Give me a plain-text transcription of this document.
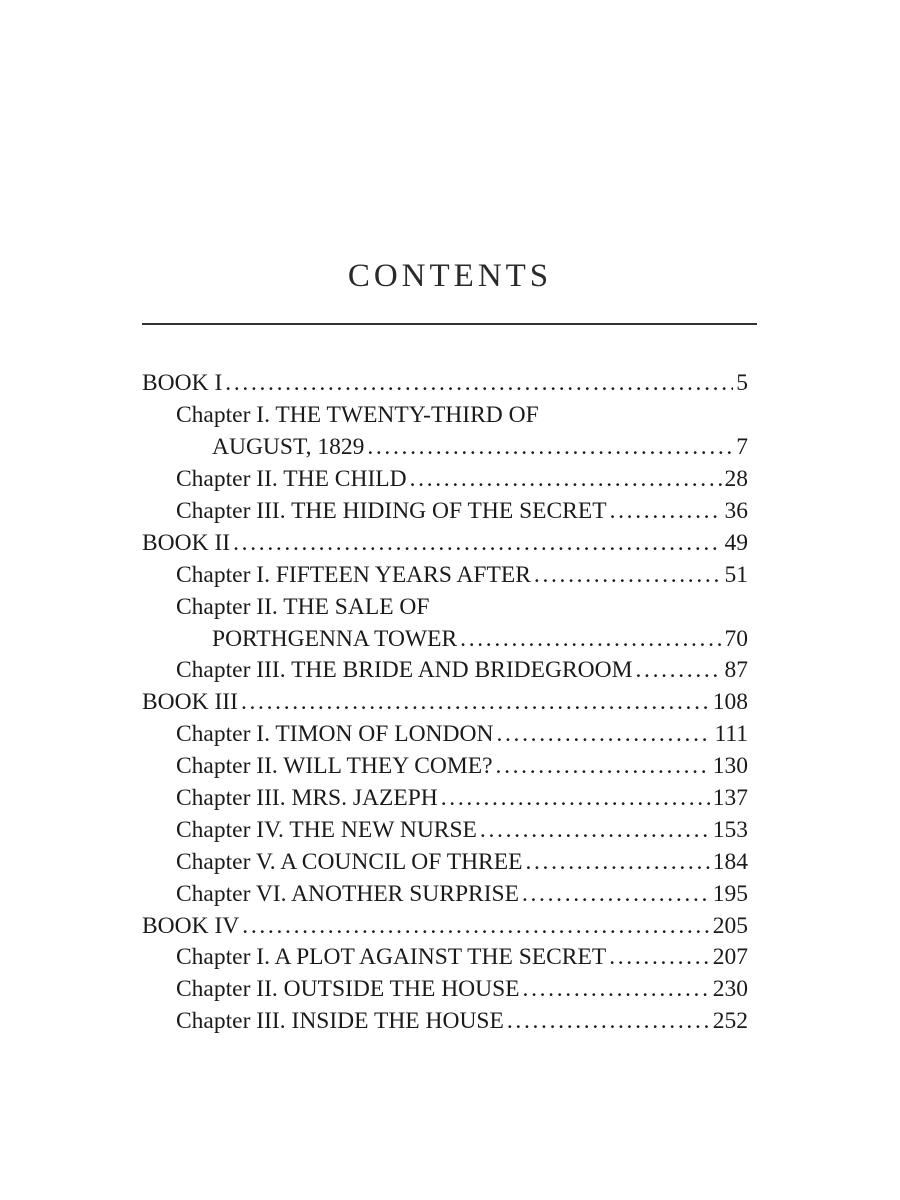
CONTENTS
BOOK I . . .	5
Chapter I. THE TWENTY-THIRD OF
AUGUST, 1829 . . .	7
Chapter II. THE CHILD . . .	28
Chapter III. THE HIDING OF THE SECRET . . .	36
BOOK II . . .	49
Chapter I. FIFTEEN YEARS AFTER . . .	51
Chapter II. THE SALE OF
PORTHGENNA TOWER . . .	70
Chapter III. THE BRIDE AND BRIDEGROOM . . .	87
BOOK III . . .	108
Chapter I. TIMON OF LONDON . . .	111
Chapter II. WILL THEY COME? . . .	130
Chapter III. MRS. JAZEPH . . .	137
Chapter IV. THE NEW NURSE . . .	153
Chapter V. A COUNCIL OF THREE . . .	184
Chapter VI. ANOTHER SURPRISE . . .	195
BOOK IV . . .	205
Chapter I. A PLOT AGAINST THE SECRET . . .	207
Chapter II. OUTSIDE THE HOUSE . . .	230
Chapter III. INSIDE THE HOUSE . . .	252
